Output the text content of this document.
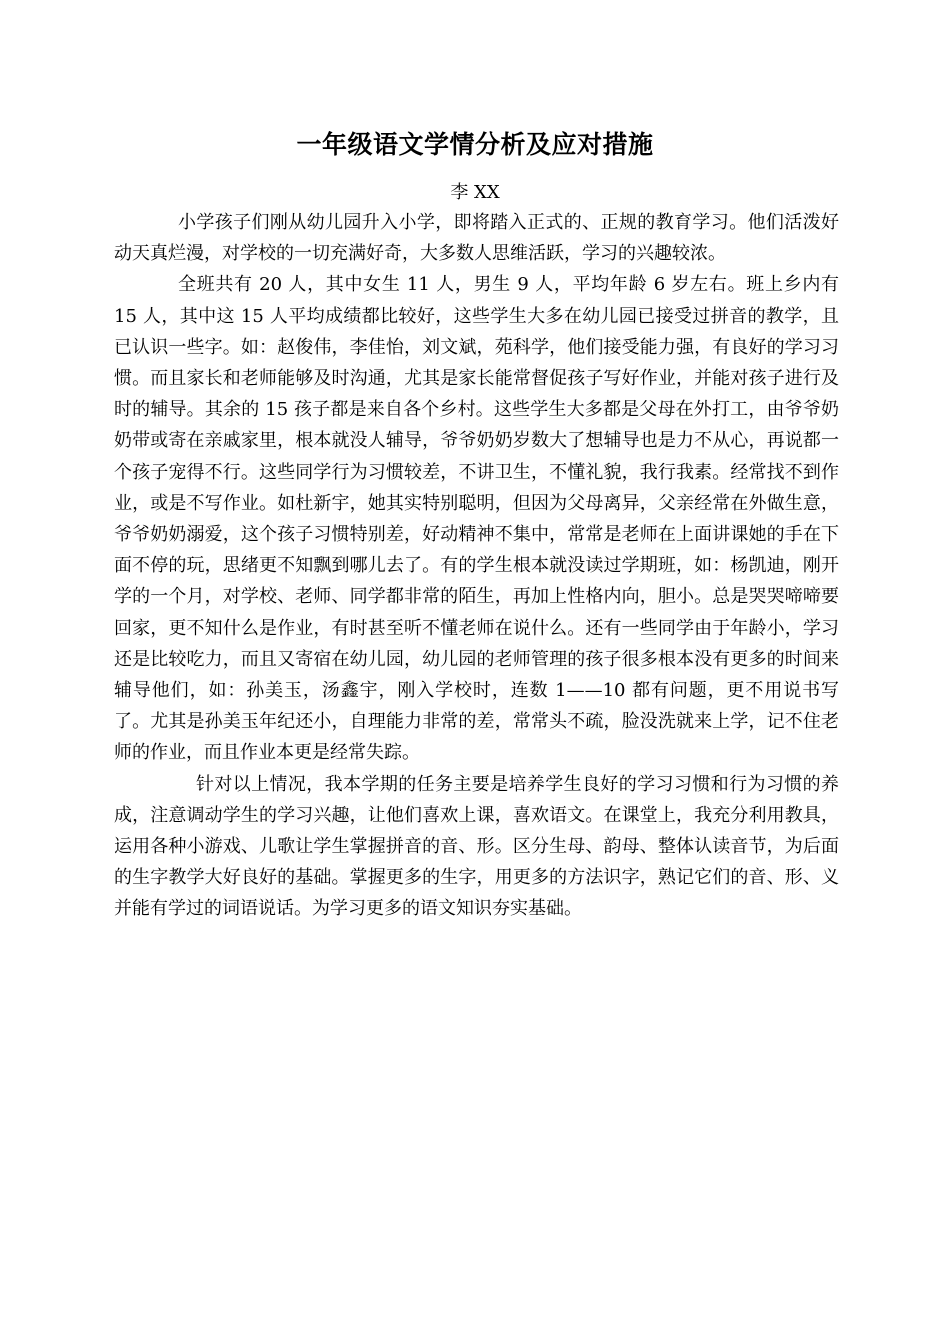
一年级语文学情分析及应对措施
李 XX

小学孩子们刚从幼儿园升入小学，即将踏入正式的、正规的教育学习。他们活泼好动天真烂漫，对学校的一切充满好奇，大多数人思维活跃，学习的兴趣较浓。

全班共有 20 人，其中女生 11 人，男生 9 人，平均年龄 6 岁左右。班上乡内有 15 人，其中这 15 人平均成绩都比较好，这些学生大多在幼儿园已接受过拼音的教学，且已认识一些字。如：赵俊伟，李佳怡，刘文斌，苑科学，他们接受能力强，有良好的学习习惯。而且家长和老师能够及时沟通，尤其是家长能常督促孩子写好作业，并能对孩子进行及时的辅导。其余的 15 孩子都是来自各个乡村。这些学生大多都是父母在外打工，由爷爷奶奶带或寄在亲戚家里，根本就没人辅导，爷爷奶奶岁数大了想辅导也是力不从心，再说都一个孩子宠得不行。这些同学行为习惯较差，不讲卫生，不懂礼貌，我行我素。经常找不到作业，或是不写作业。如杜新宇，她其实特别聪明，但因为父母离异，父亲经常在外做生意，爷爷奶奶溺爱，这个孩子习惯特别差，好动精神不集中，常常是老师在上面讲课她的手在下面不停的玩，思绪更不知飘到哪儿去了。有的学生根本就没读过学期班，如：杨凯迪，刚开学的一个月，对学校、老师、同学都非常的陌生，再加上性格内向，胆小。总是哭哭啼啼要回家，更不知什么是作业，有时甚至听不懂老师在说什么。还有一些同学由于年龄小，学习还是比较吃力，而且又寄宿在幼儿园，幼儿园的老师管理的孩子很多根本没有更多的时间来辅导他们，如：孙美玉，汤鑫宇，刚入学校时，连数 1——10 都有问题，更不用说书写了。尤其是孙美玉年纪还小，自理能力非常的差，常常头不疏，脸没洗就来上学，记不住老师的作业，而且作业本更是经常失踪。

针对以上情况，我本学期的任务主要是培养学生良好的学习习惯和行为习惯的养成，注意调动学生的学习兴趣，让他们喜欢上课，喜欢语文。在课堂上，我充分利用教具，运用各种小游戏、儿歌让学生掌握拼音的音、形。区分生母、韵母、整体认读音节，为后面的生字教学大好良好的基础。掌握更多的生字，用更多的方法识字，熟记它们的音、形、义并能有学过的词语说话。为学习更多的语文知识夯实基础。
